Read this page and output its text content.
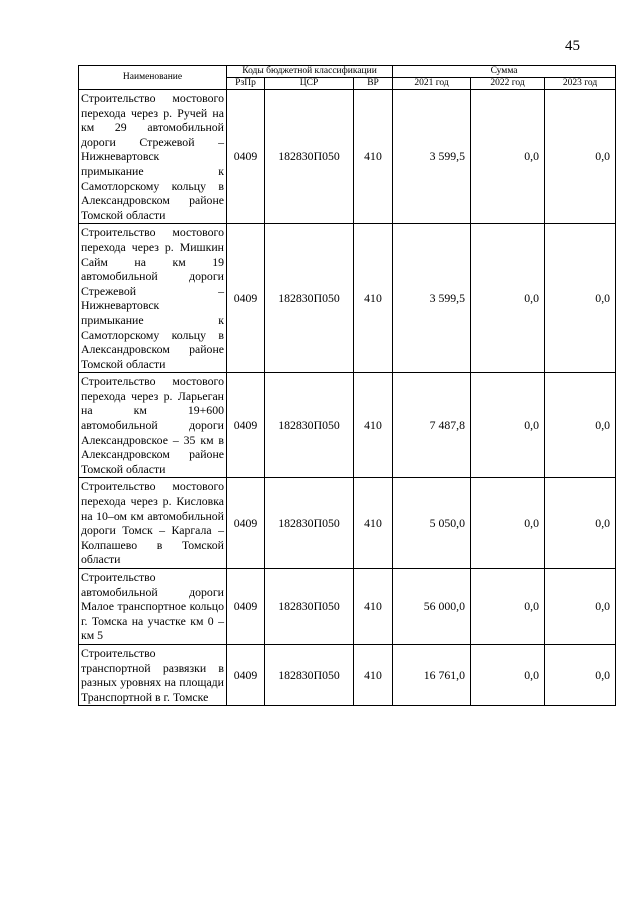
45
Наименование	Коды бюджетной классификации			Сумма		
	РзПр	ЦСР	ВР	2021 год	2022 год	2023 год
Строительство мостового перехода через р. Ручей на км 29 автомобильной дороги Стрежевой – Нижневартовск примыкание к Самотлорскому кольцу в Александровском районе Томской области	0409	182830П050	410	3 599,5	0,0	0,0
Строительство мостового перехода через р. Мишкин Сайм на км 19 автомобильной дороги Стрежевой – Нижневартовск примыкание к Самотлорскому кольцу в Александровском районе Томской области	0409	182830П050	410	3 599,5	0,0	0,0
Строительство мостового перехода через р. Ларьеган на км 19+600 автомобильной дороги Александровское – 35 км в Александровском районе Томской области	0409	182830П050	410	7 487,8	0,0	0,0
Строительство мостового перехода через р. Кисловка на 10–ом км автомобильной дороги Томск – Каргала – Колпашево в Томской области	0409	182830П050	410	5 050,0	0,0	0,0
Строительство автомобильной дороги Малое транспортное кольцо г. Томска на участке км 0 – км 5	0409	182830П050	410	56 000,0	0,0	0,0
Строительство транспортной развязки в разных уровнях на площади Транспортной в г. Томске	0409	182830П050	410	16 761,0	0,0	0,0
